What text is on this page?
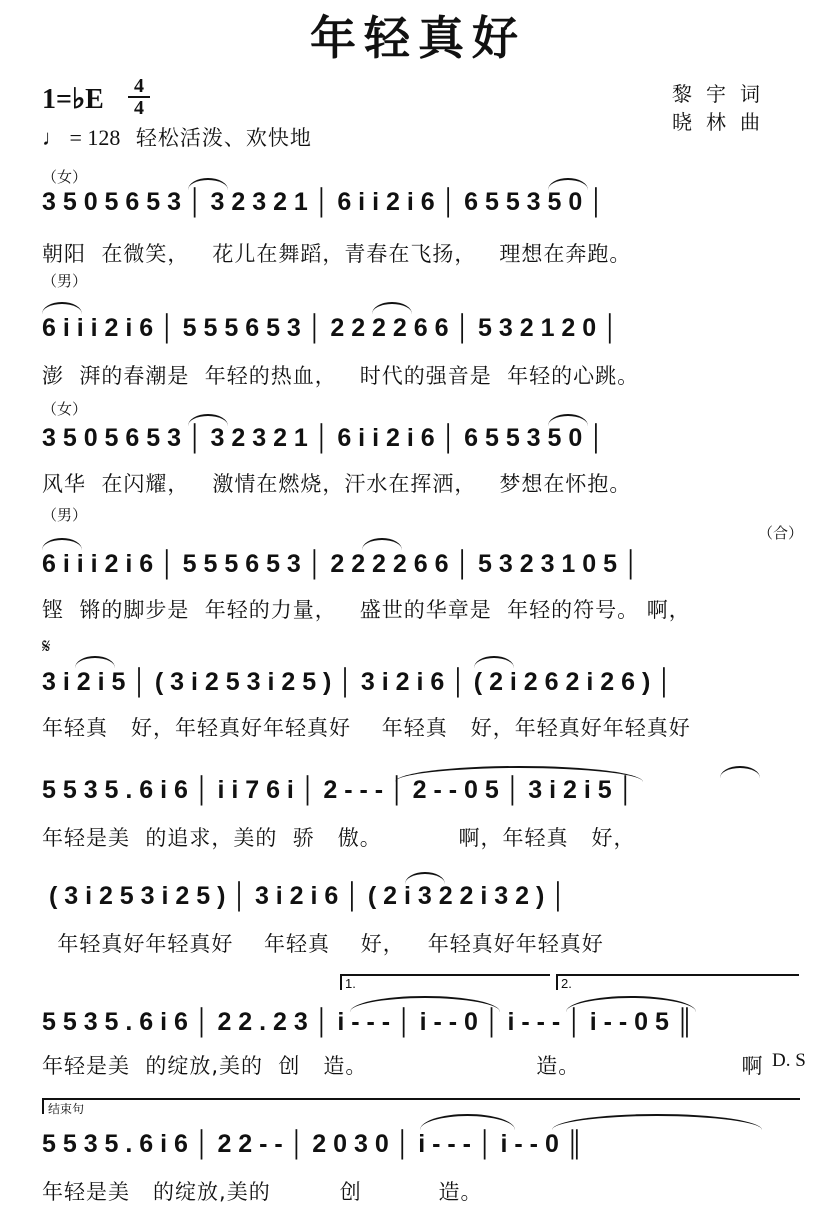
年轻真好
1=♭E	4
4
♩ = 128 轻松活泼、欢快地
黎宇词
晓林曲
（女）
3 5 0 5 6 5 3 │ 3 2 3 2 1 │ 6 i i 2 i 6 │ 6 5 5 3 5 0 │
朝阳  在微笑，   花儿在舞蹈，青春在飞扬，   理想在奔跑。
（男）
6 i i i 2 i 6 │ 5 5 5 6 5 3 │ 2 2 2 2 6 6 │ 5 3 2 1 2 0 │
澎  湃的春潮是  年轻的热血，   时代的强音是  年轻的心跳。
（女）
3 5 0 5 6 5 3 │ 3 2 3 2 1 │ 6 i i 2 i 6 │ 6 5 5 3 5 0 │
风华  在闪耀，   激情在燃烧，汗水在挥洒，   梦想在怀抱。
（男）
（合）
6 i i i 2 i 6 │ 5 5 5 6 5 3 │ 2 2 2 2 6 6 │ 5 3 2 3 1 0 5 │
铿  锵的脚步是  年轻的力量，   盛世的华章是  年轻的符号。 啊，
𝄋
3 i 2 i 5 │ ( 3 i 2 5 3 i 2 5 ) │ 3 i 2 i 6 │ ( 2 i 2 6 2 i 2 6 ) │
年轻真   好，年轻真好年轻真好    年轻真   好，年轻真好年轻真好
5 5 3 5 . 6 i 6 │ i i 7 6 i │ 2 - - - │ 2 - - 0 5 │ 3 i 2 i 5 │
年轻是美  的追求，美的  骄   傲。          啊，年轻真   好，
( 3 i 2 5 3 i 2 5 ) │ 3 i 2 i 6 │ ( 2 i 3 2 2 i 3 2 ) │
年轻真好年轻真好    年轻真    好，   年轻真好年轻真好
1.	2.
5 5 3 5 . 6 i 6 │ 2 2 . 2 3 │ i - - - │ i - - 0 │ i - - - │ i - - 0 5 ║
年轻是美  的绽放,美的  创   造。                      造。                     啊 D. S
结束句
5 5 3 5 . 6 i 6 │ 2 2 - - │ 2 0 3 0 │ i - - - │ i - - 0 ║
年轻是美   的绽放,美的         创          造。
